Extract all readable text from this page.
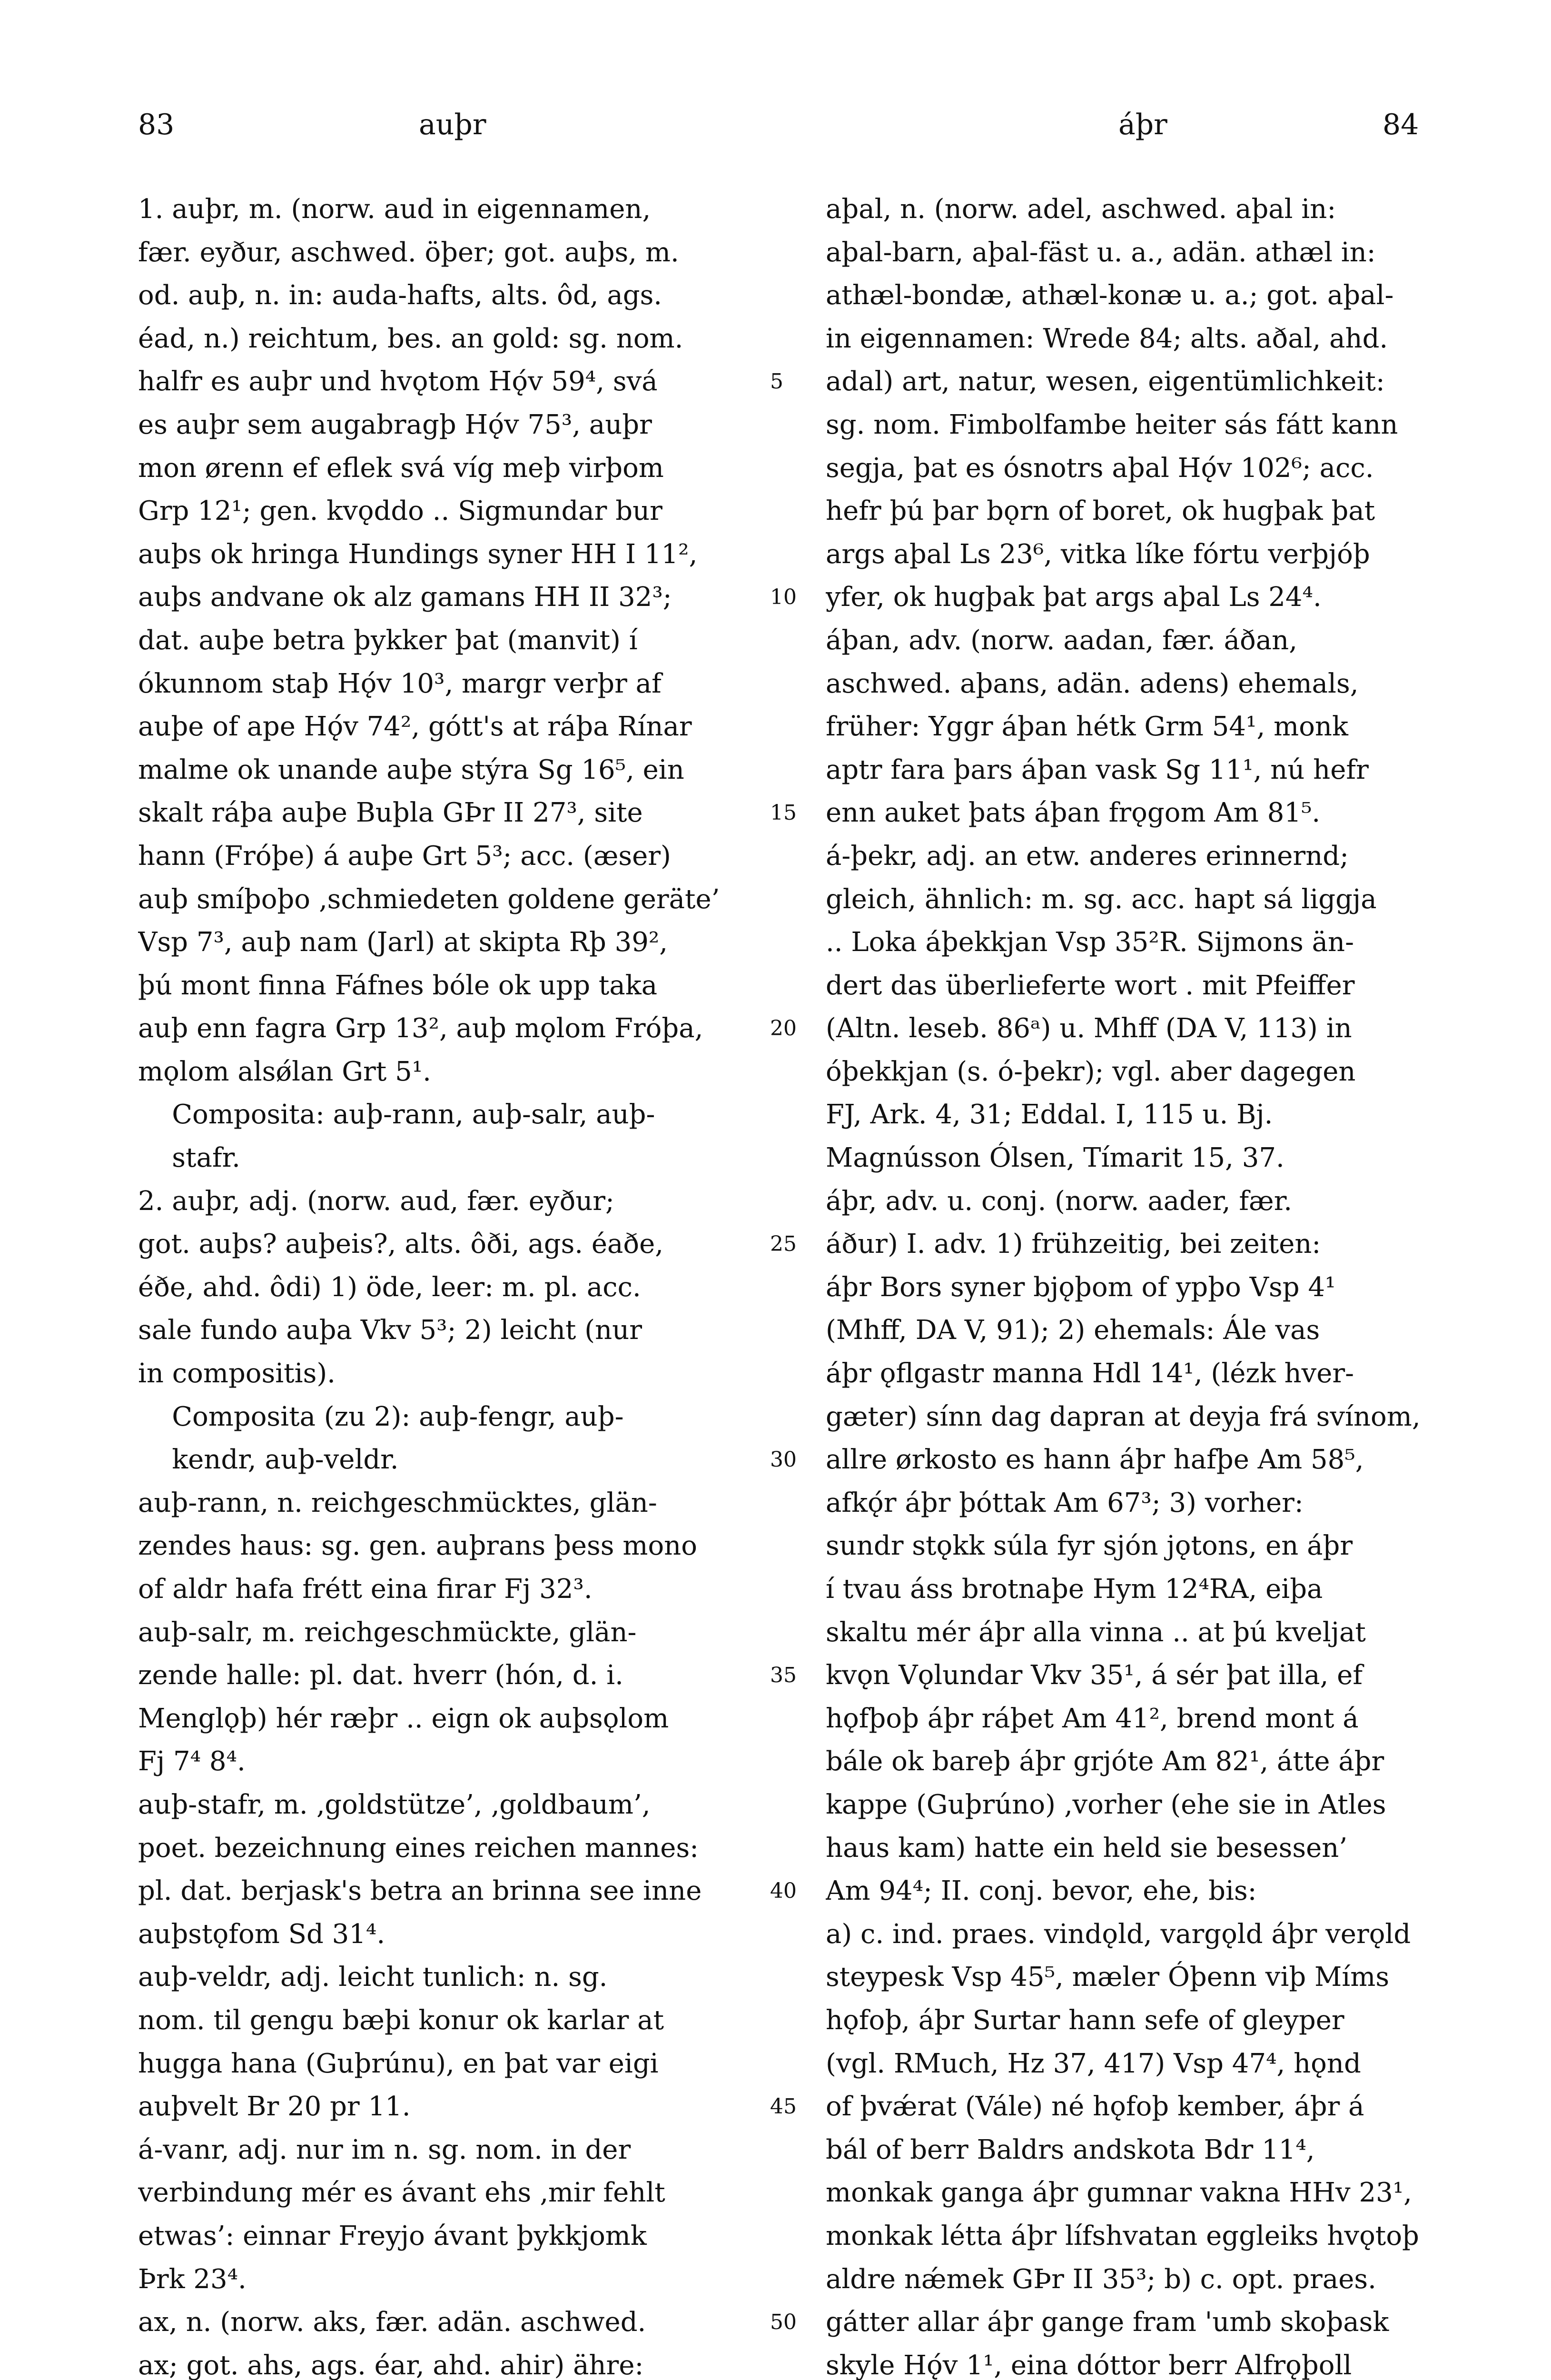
83	auþr	áþr	84
1. auþr, m. (norw. aud in eigennamen,
fær. eyður, aschwed. öþer; got. auþs, m.
od. auþ, n. in: auda-hafts, alts. ôd, ags.
éad, n.) reichtum, bes. an gold: sg. nom.
halfr es auþr und hvǫtom Hǫ́v 59⁴, svá
es auþr sem augabragþ Hǫ́v 75³, auþr
mon ørenn ef eflek svá víg meþ virþom
Grp 12¹; gen. kvǫddo .. Sigmundar bur
auþs ok hringa Hundings syner HH I 11²,
auþs andvane ok alz gamans HH II 32³;
dat. auþe betra þykker þat (manvit) í
ókunnom staþ Hǫ́v 10³, margr verþr af
auþe of ape Hǫ́v 74², gótt's at ráþa Rínar
malme ok unande auþe stýra Sg 16⁵, ein
skalt ráþa auþe Buþla GÞr II 27³, site
hann (Fróþe) á auþe Grt 5³; acc. (æser)
auþ smíþoþo ‚schmiedeten goldene geräte’
Vsp 7³, auþ nam (Jarl) at skipta Rþ 39²,
þú mont finna Fáfnes bóle ok upp taka
auþ enn fagra Grp 13², auþ mǫlom Fróþa,
mǫlom alsǿlan Grt 5¹.
Composita: auþ-rann, auþ-salr, auþ-
stafr.
2. auþr, adj. (norw. aud, fær. eyður;
got. auþs? auþeis?, alts. ôði, ags. éaðe,
éðe, ahd. ôdi) 1) öde, leer: m. pl. acc.
sale fundo auþa Vkv 5³; 2) leicht (nur
in compositis).
Composita (zu 2): auþ-fengr, auþ-
kendr, auþ-veldr.
auþ-rann, n. reichgeschmücktes, glän-
zendes haus: sg. gen. auþrans þess mono
of aldr hafa frétt eina firar Fj 32³.
auþ-salr, m. reichgeschmückte, glän-
zende halle: pl. dat. hverr (hón, d. i.
Menglǫþ) hér ræþr .. eign ok auþsǫlom
Fj 7⁴ 8⁴.
auþ-stafr, m. ‚goldstütze’, ‚goldbaum’,
poet. bezeichnung eines reichen mannes:
pl. dat. berjask's betra an brinna see inne
auþstǫfom Sd 31⁴.
auþ-veldr, adj. leicht tunlich: n. sg.
nom. til gengu bæþi konur ok karlar at
hugga hana (Guþrúnu), en þat var eigi
auþvelt Br 20 pr 11.
á-vanr, adj. nur im n. sg. nom. in der
verbindung mér es ávant ehs ‚mir fehlt
etwas’: einnar Freyjo ávant þykkjomk
Þrk 23⁴.
ax, n. (norw. aks, fær. adän. aschwed.
ax; got. ahs, ags. éar, ahd. ahir) ähre:
aþal, n. (norw. adel, aschwed. aþal in:
aþal-barn, aþal-fäst u. a., adän. athæl in:
athæl-bondæ, athæl-konæ u. a.; got. aþal-
in eigennamen: Wrede 84; alts. aðal, ahd.
adal) art, natur, wesen, eigentümlichkeit:
sg. nom. Fimbolfambe heiter sás fátt kann
segja, þat es ósnotrs aþal Hǫ́v 102⁶; acc.
hefr þú þar bǫrn of boret, ok hugþak þat
args aþal Ls 23⁶, vitka líke fórtu verþjóþ
yfer, ok hugþak þat args aþal Ls 24⁴.
áþan, adv. (norw. aadan, fær. áðan,
aschwed. aþans, adän. adens) ehemals,
früher: Yggr áþan hétk Grm 54¹, monk
aptr fara þars áþan vask Sg 11¹, nú hefr
enn auket þats áþan frǫgom Am 81⁵.
á-þekr, adj. an etw. anderes erinnernd;
gleich, ähnlich: m. sg. acc. hapt sá liggja
.. Loka áþekkjan Vsp 35²R. Sijmons än-
dert das überlieferte wort . mit Pfeiffer
(Altn. leseb. 86ᵃ) u. Mhff (DA V, 113) in
óþekkjan (s. ó-þekr); vgl. aber dagegen
FJ, Ark. 4, 31; Eddal. I, 115 u. Bj.
Magnússon Ólsen, Tímarit 15, 37.
áþr, adv. u. conj. (norw. aader, fær.
áður) I. adv. 1) frühzeitig, bei zeiten:
áþr Bors syner bjǫþom of ypþo Vsp 4¹
(Mhff, DA V, 91); 2) ehemals: Ále vas
áþr ǫflgastr manna Hdl 14¹, (lézk hver-
gæter) sínn dag dapran at deyja frá svínom,
allre ørkosto es hann áþr hafþe Am 58⁵,
afkǫ́r áþr þóttak Am 67³; 3) vorher:
sundr stǫkk súla fyr sjón jǫtons, en áþr
í tvau áss brotnaþe Hym 12⁴RA, eiþa
skaltu mér áþr alla vinna .. at þú kveljat
kvǫn Vǫlundar Vkv 35¹, á sér þat illa, ef
hǫfþoþ áþr ráþet Am 41², brend mont á
bále ok bareþ áþr grjóte Am 82¹, átte áþr
kappe (Guþrúno) ‚vorher (ehe sie in Atles
haus kam) hatte ein held sie besessen’
Am 94⁴; II. conj. bevor, ehe, bis:
a) c. ind. praes. vindǫld, vargǫld áþr verǫld
steypesk Vsp 45⁵, mæler Óþenn viþ Míms
hǫfoþ, áþr Surtar hann sefe of gleyper
(vgl. RMuch, Hz 37, 417) Vsp 47⁴, hǫnd
of þvǽrat (Vále) né hǫfoþ kember, áþr á
bál of berr Baldrs andskota Bdr 11⁴,
monkak ganga áþr gumnar vakna HHv 23¹,
monkak létta áþr lífshvatan eggleiks hvǫtoþ
aldre nǽmek GÞr II 35³; b) c. opt. praes.
gátter allar áþr gange fram 'umb skoþask
skyle Hǫ́v 1¹, eina dóttor berr Alfrǫþoll
5
10
15
20
25
30
35
40
45
50
